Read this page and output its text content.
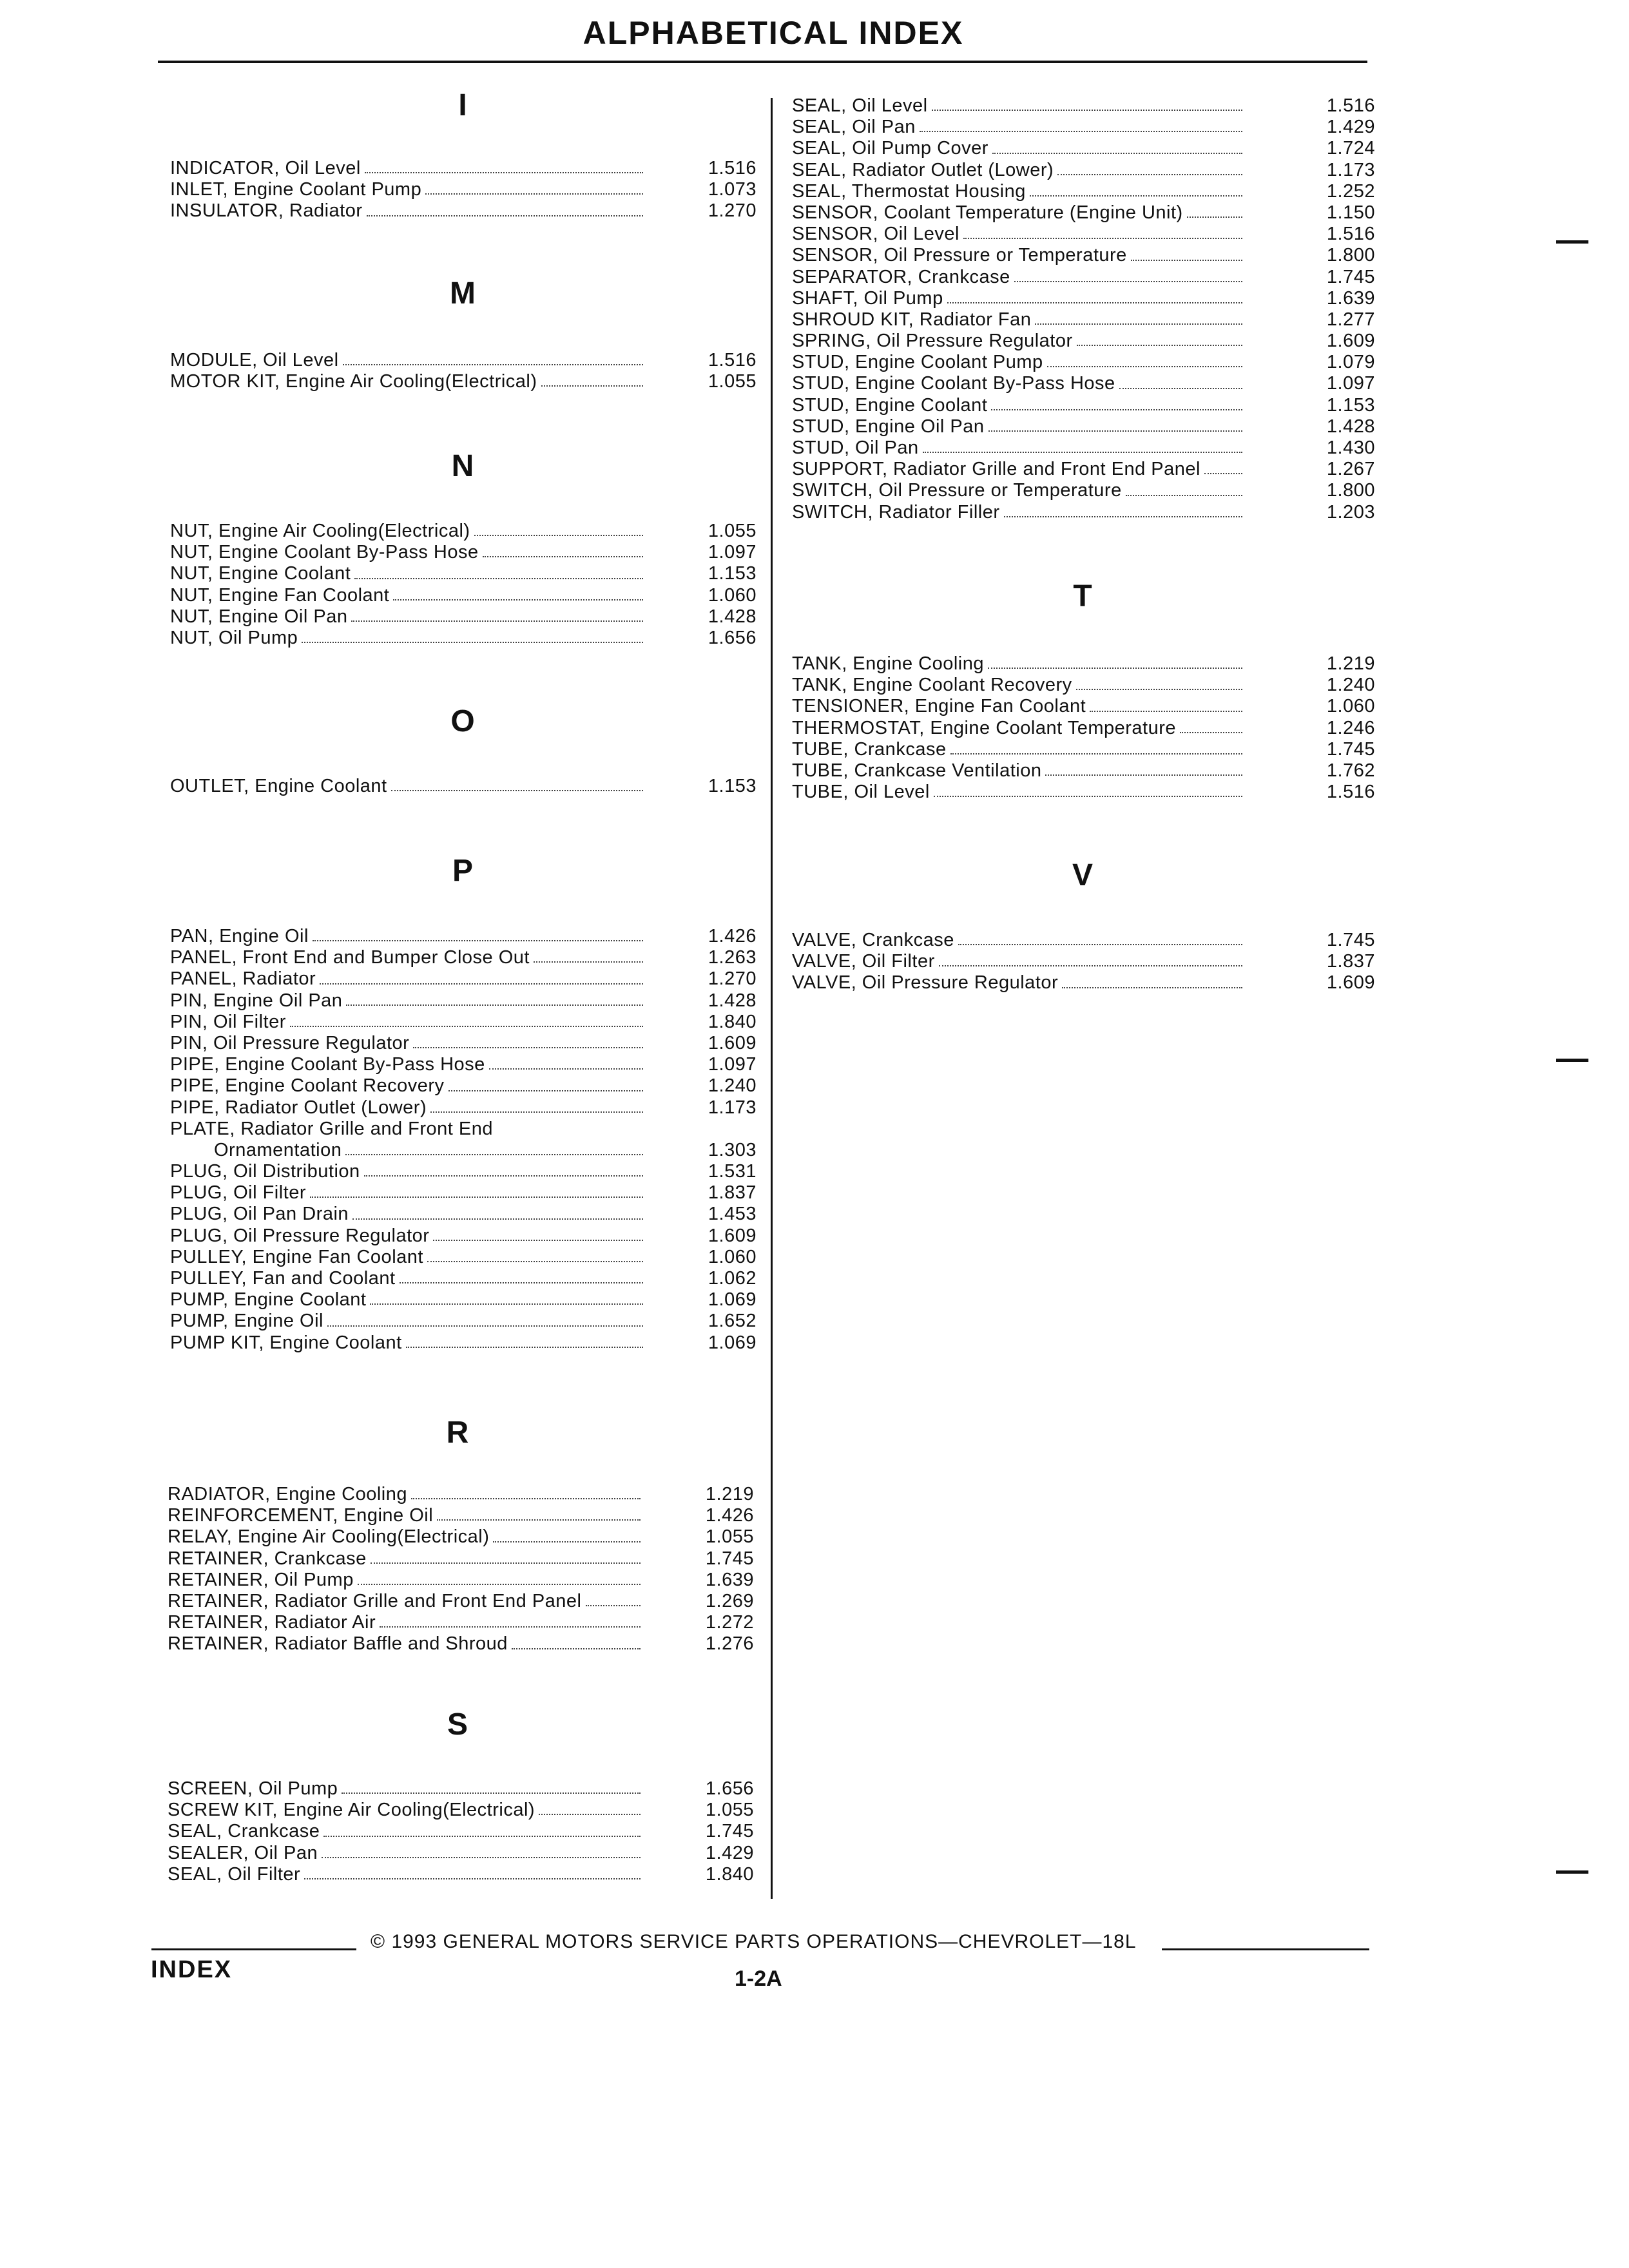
ALPHABETICAL INDEX
I
INDICATOR, Oil Level	1.516
INLET, Engine Coolant Pump	1.073
INSULATOR, Radiator	1.270
M
MODULE, Oil Level	1.516
MOTOR KIT, Engine Air Cooling(Electrical)	1.055
N
NUT, Engine Air Cooling(Electrical)	1.055
NUT, Engine Coolant By-Pass Hose	1.097
NUT, Engine Coolant	1.153
NUT, Engine Fan Coolant	1.060
NUT, Engine Oil Pan	1.428
NUT, Oil Pump	1.656
O
OUTLET, Engine Coolant	1.153
P
PAN, Engine Oil	1.426
PANEL, Front End and Bumper Close Out	1.263
PANEL, Radiator	1.270
PIN, Engine Oil Pan	1.428
PIN, Oil Filter	1.840
PIN, Oil Pressure Regulator	1.609
PIPE, Engine Coolant By-Pass Hose	1.097
PIPE, Engine Coolant Recovery	1.240
PIPE, Radiator Outlet (Lower)	1.173
PLATE, Radiator Grille and Front End
Ornamentation	1.303
PLUG, Oil Distribution	1.531
PLUG, Oil Filter	1.837
PLUG, Oil Pan Drain	1.453
PLUG, Oil Pressure Regulator	1.609
PULLEY, Engine Fan Coolant	1.060
PULLEY, Fan and Coolant	1.062
PUMP, Engine Coolant	1.069
PUMP, Engine Oil	1.652
PUMP KIT, Engine Coolant	1.069
R
RADIATOR, Engine Cooling	1.219
REINFORCEMENT, Engine Oil	1.426
RELAY, Engine Air Cooling(Electrical)	1.055
RETAINER, Crankcase	1.745
RETAINER, Oil Pump	1.639
RETAINER, Radiator Grille and Front End Panel	1.269
RETAINER, Radiator Air	1.272
RETAINER, Radiator Baffle and Shroud	1.276
S
SCREEN, Oil Pump	1.656
SCREW KIT, Engine Air Cooling(Electrical)	1.055
SEAL, Crankcase	1.745
SEALER, Oil Pan	1.429
SEAL, Oil Filter	1.840
SEAL, Oil Level	1.516
SEAL, Oil Pan	1.429
SEAL, Oil Pump Cover	1.724
SEAL, Radiator Outlet (Lower)	1.173
SEAL, Thermostat Housing	1.252
SENSOR, Coolant Temperature (Engine Unit)	1.150
SENSOR, Oil Level	1.516
SENSOR, Oil Pressure or Temperature	1.800
SEPARATOR, Crankcase	1.745
SHAFT, Oil Pump	1.639
SHROUD KIT, Radiator Fan	1.277
SPRING, Oil Pressure Regulator	1.609
STUD, Engine Coolant Pump	1.079
STUD, Engine Coolant By-Pass Hose	1.097
STUD, Engine Coolant	1.153
STUD, Engine Oil Pan	1.428
STUD, Oil Pan	1.430
SUPPORT, Radiator Grille and Front End Panel	1.267
SWITCH, Oil Pressure or Temperature	1.800
SWITCH, Radiator Filler	1.203
T
TANK, Engine Cooling	1.219
TANK, Engine Coolant Recovery	1.240
TENSIONER, Engine Fan Coolant	1.060
THERMOSTAT, Engine Coolant Temperature	1.246
TUBE, Crankcase	1.745
TUBE, Crankcase Ventilation	1.762
TUBE, Oil Level	1.516
V
VALVE, Crankcase	1.745
VALVE, Oil Filter	1.837
VALVE, Oil Pressure Regulator	1.609
© 1993 GENERAL MOTORS SERVICE PARTS OPERATIONS—CHEVROLET—18L
INDEX	1-2A
